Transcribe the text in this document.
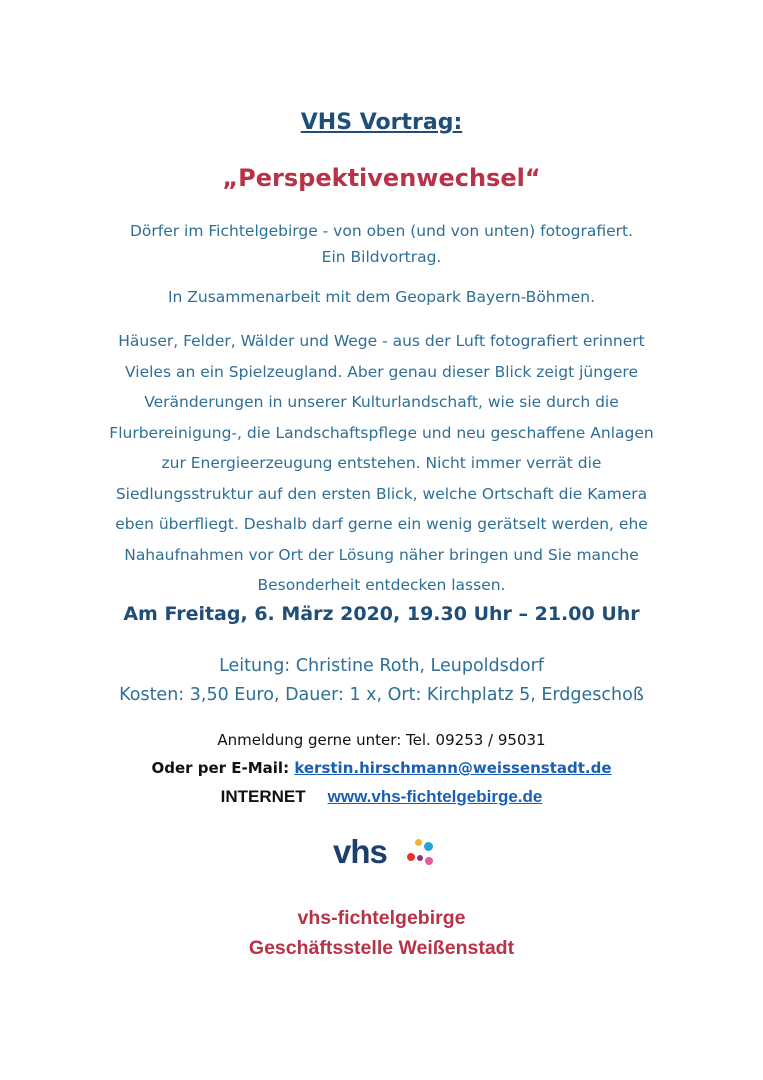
VHS Vortrag:
„Perspektivenwechsel“
Dörfer im Fichtelgebirge - von oben (und von unten) fotografiert.
Ein Bildvortrag.
In Zusammenarbeit mit dem Geopark Bayern-Böhmen.
Häuser, Felder, Wälder und Wege - aus der Luft fotografiert erinnert
Vieles an ein Spielzeugland. Aber genau dieser Blick zeigt jüngere
Veränderungen in unserer Kulturlandschaft, wie sie durch die
Flurbereinigung-, die Landschaftspflege und neu geschaffene Anlagen
zur Energieerzeugung entstehen. Nicht immer verrät die
Siedlungsstruktur auf den ersten Blick, welche Ortschaft die Kamera
eben überfliegt. Deshalb darf gerne ein wenig gerätselt werden, ehe
Nahaufnahmen vor Ort der Lösung näher bringen und Sie manche
Besonderheit entdecken lassen.
Am Freitag, 6. März 2020, 19.30 Uhr – 21.00 Uhr
Leitung: Christine Roth, Leupoldsdorf
Kosten: 3,50 Euro, Dauer: 1 x, Ort: Kirchplatz 5, Erdgeschoß
Anmeldung gerne unter: Tel. 09253 / 95031
Oder per E-Mail: kerstin.hirschmann@weissenstadt.de
INTERNET www.vhs-fichtelgebirge.de
vhs
vhs-fichtelgebirge
Geschäftsstelle Weißenstadt
